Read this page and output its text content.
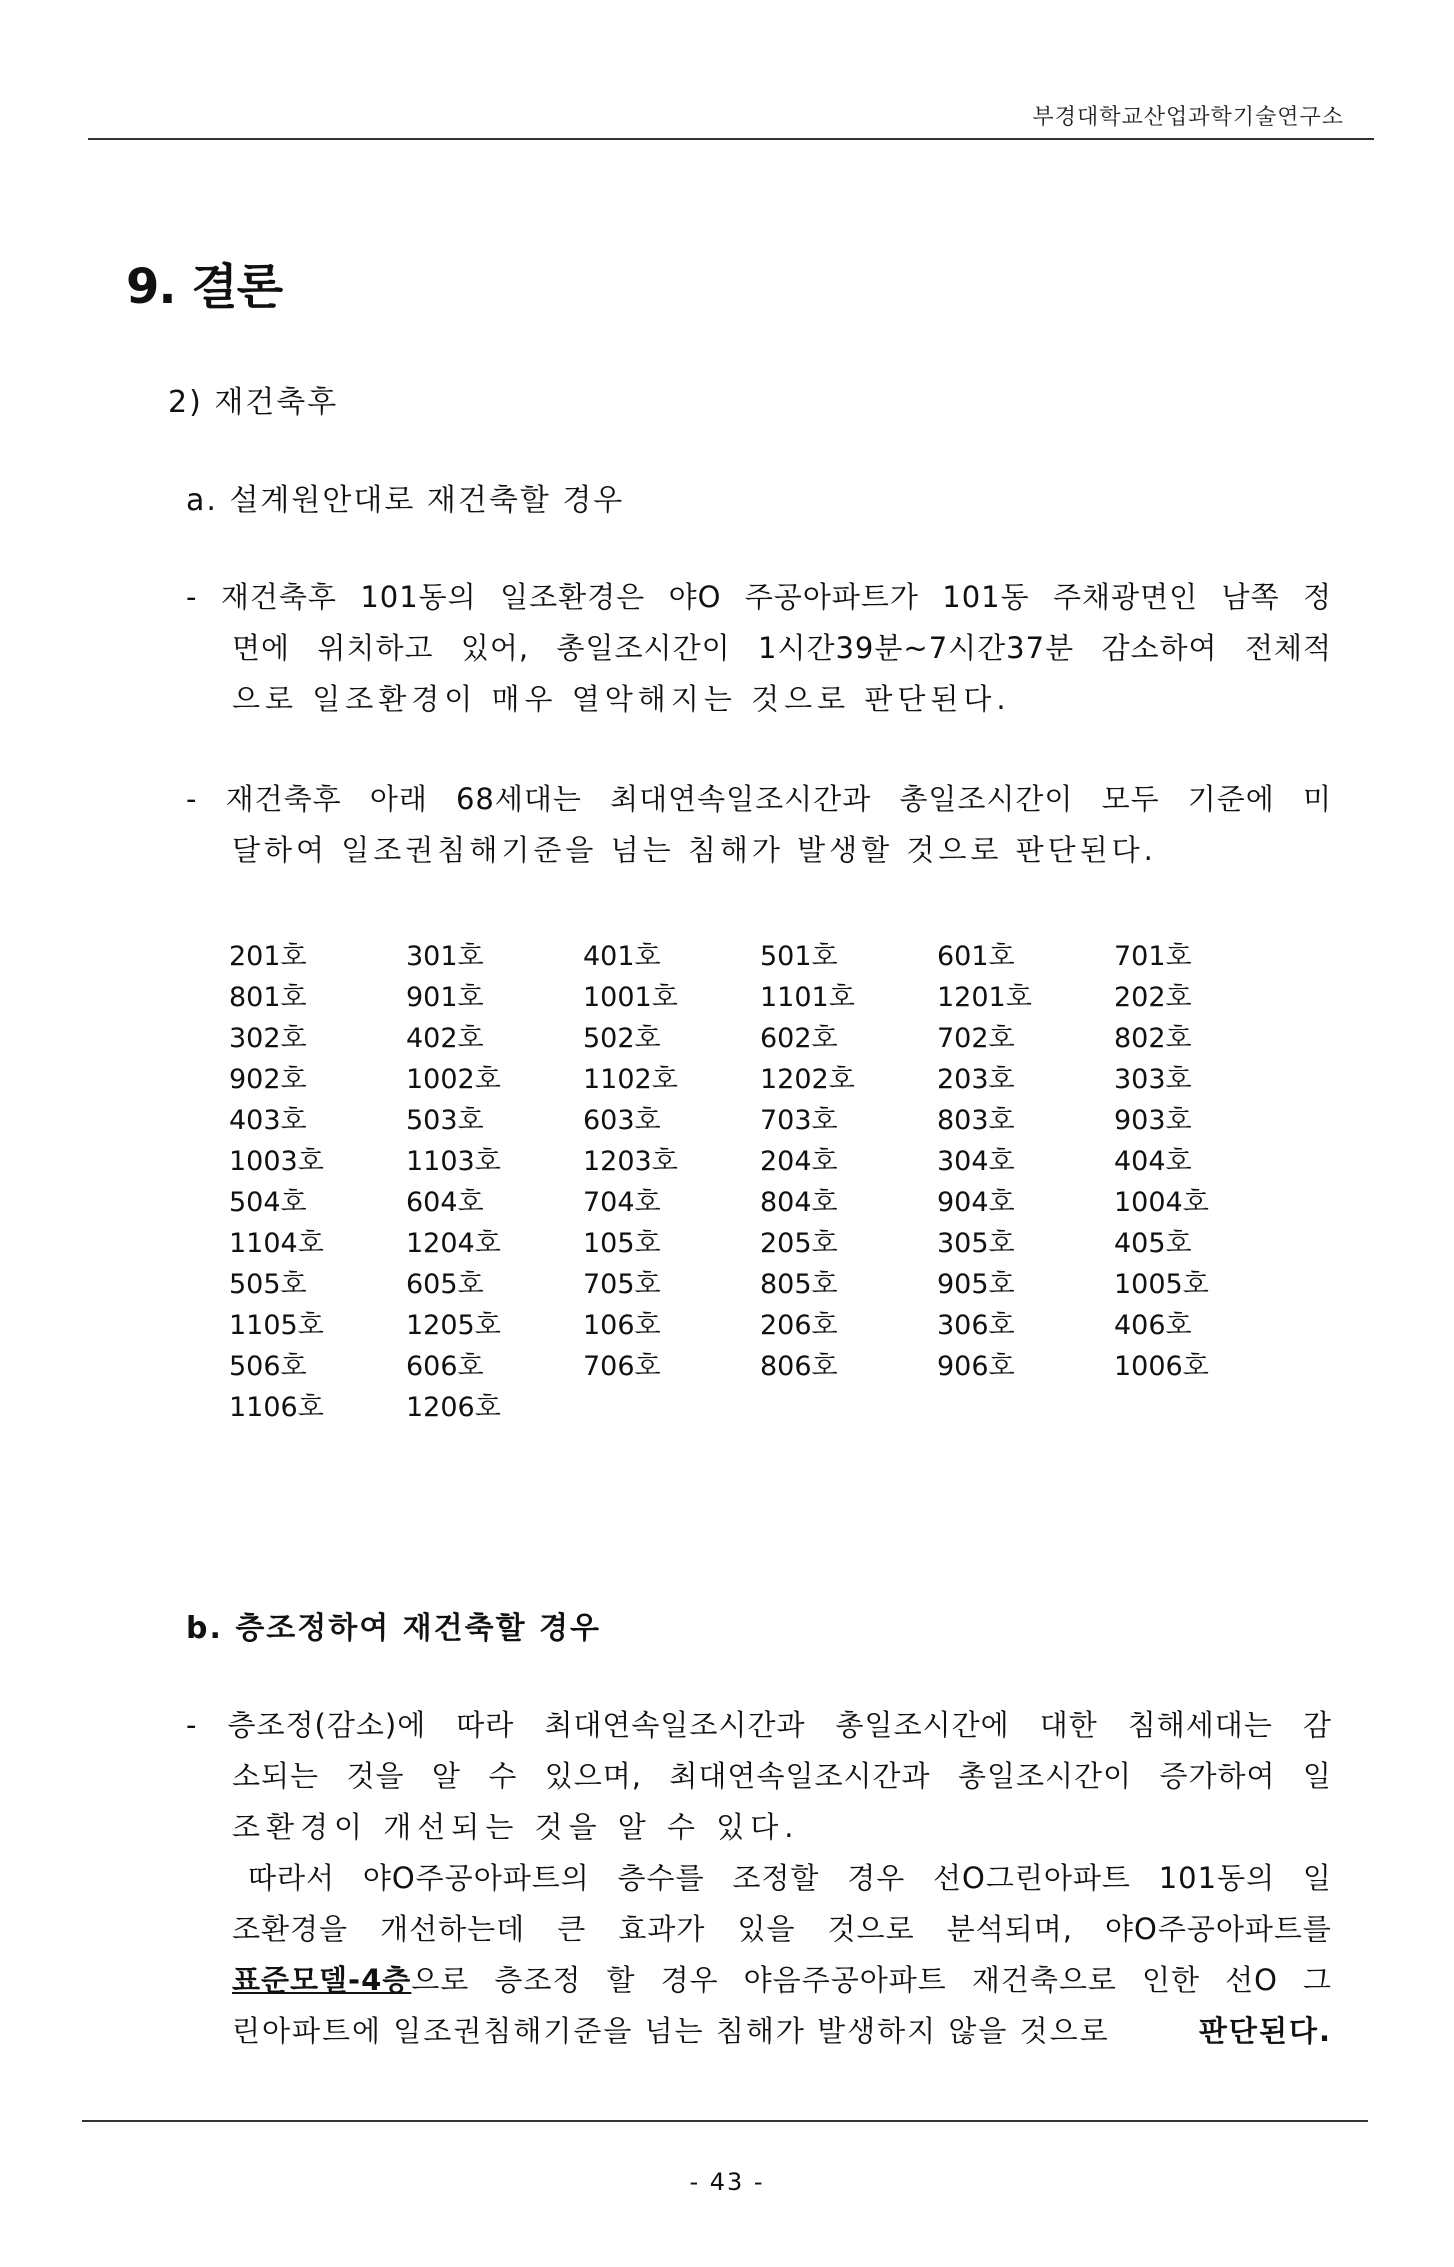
부경대학교산업과학기술연구소
9. 결론
2) 재건축후
a. 설계원안대로 재건축할 경우
- 재건축후 101동의 일조환경은 야O 주공아파트가 101동 주채광면인 남쪽 정
면에 위치하고 있어, 총일조시간이 1시간39분~7시간37분 감소하여 전체적
으로 일조환경이 매우 열악해지는 것으로 판단된다.
- 재건축후 아래 68세대는 최대연속일조시간과 총일조시간이 모두 기준에 미
달하여 일조권침해기준을 넘는 침해가 발생할 것으로 판단된다.
201호	301호	401호	501호	601호	701호
801호	901호	1001호	1101호	1201호	202호
302호	402호	502호	602호	702호	802호
902호	1002호	1102호	1202호	203호	303호
403호	503호	603호	703호	803호	903호
1003호	1103호	1203호	204호	304호	404호
504호	604호	704호	804호	904호	1004호
1104호	1204호	105호	205호	305호	405호
505호	605호	705호	805호	905호	1005호
1105호	1205호	106호	206호	306호	406호
506호	606호	706호	806호	906호	1006호
1106호	1206호
b. 층조정하여 재건축할 경우
- 층조정(감소)에 따라 최대연속일조시간과 총일조시간에 대한 침해세대는 감
소되는 것을 알 수 있으며, 최대연속일조시간과 총일조시간이 증가하여 일
조환경이 개선되는 것을 알 수 있다.
따라서 야O주공아파트의 층수를 조정할 경우 선O그린아파트 101동의 일
조환경을 개선하는데 큰 효과가 있을 것으로 분석되며, 야O주공아파트를
표준모델-4층으로 층조정 할 경우 야음주공아파트 재건축으로 인한 선O 그
린아파트에 일조권침해기준을 넘는 침해가 발생하지 않을 것으로	판단된다.
- 43 -
